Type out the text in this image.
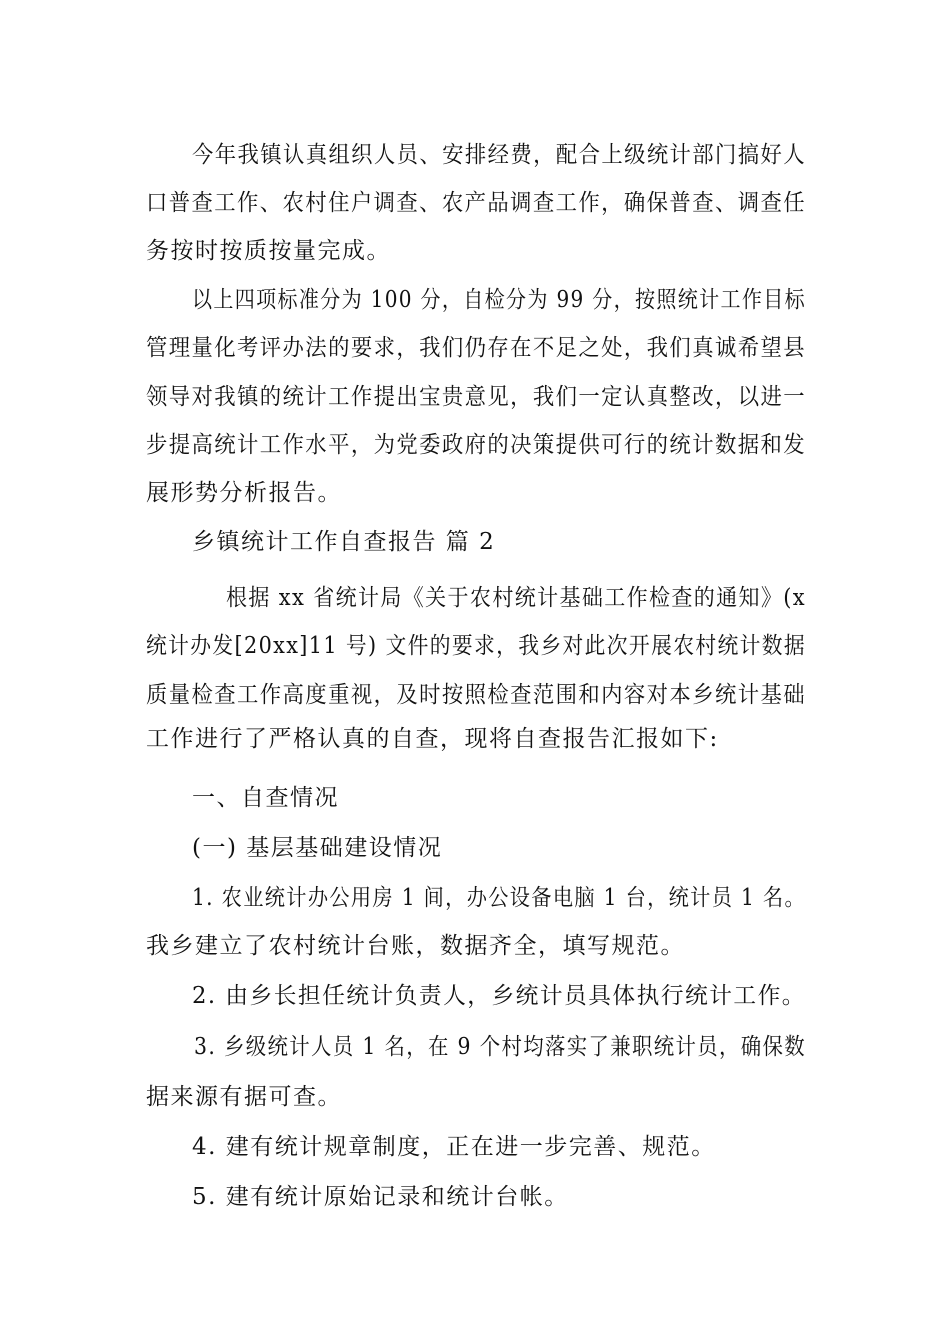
今年我镇认真组织人员、安排经费，配合上级统计部门搞好人
口普查工作、农村住户调查、农产品调查工作，确保普查、调查任
务按时按质按量完成。
以上四项标准分为 100 分，自检分为 99 分，按照统计工作目标
管理量化考评办法的要求，我们仍存在不足之处，我们真诚希望县
领导对我镇的统计工作提出宝贵意见，我们一定认真整改，以进一
步提高统计工作水平，为党委政府的决策提供可行的统计数据和发
展形势分析报告。
乡镇统计工作自查报告 篇 2
根据 xx 省统计局《关于农村统计基础工作检查的通知》(x
统计办发[20xx]11 号) 文件的要求，我乡对此次开展农村统计数据
质量检查工作高度重视，及时按照检查范围和内容对本乡统计基础
工作进行了严格认真的自查，现将自查报告汇报如下:
一、自查情况
(一) 基层基础建设情况
1. 农业统计办公用房 1 间，办公设备电脑 1 台，统计员 1 名。
我乡建立了农村统计台账，数据齐全，填写规范。
2. 由乡长担任统计负责人，乡统计员具体执行统计工作。
3. 乡级统计人员 1 名，在 9 个村均落实了兼职统计员，确保数
据来源有据可查。
4. 建有统计规章制度，正在进一步完善、规范。
5. 建有统计原始记录和统计台帐。
